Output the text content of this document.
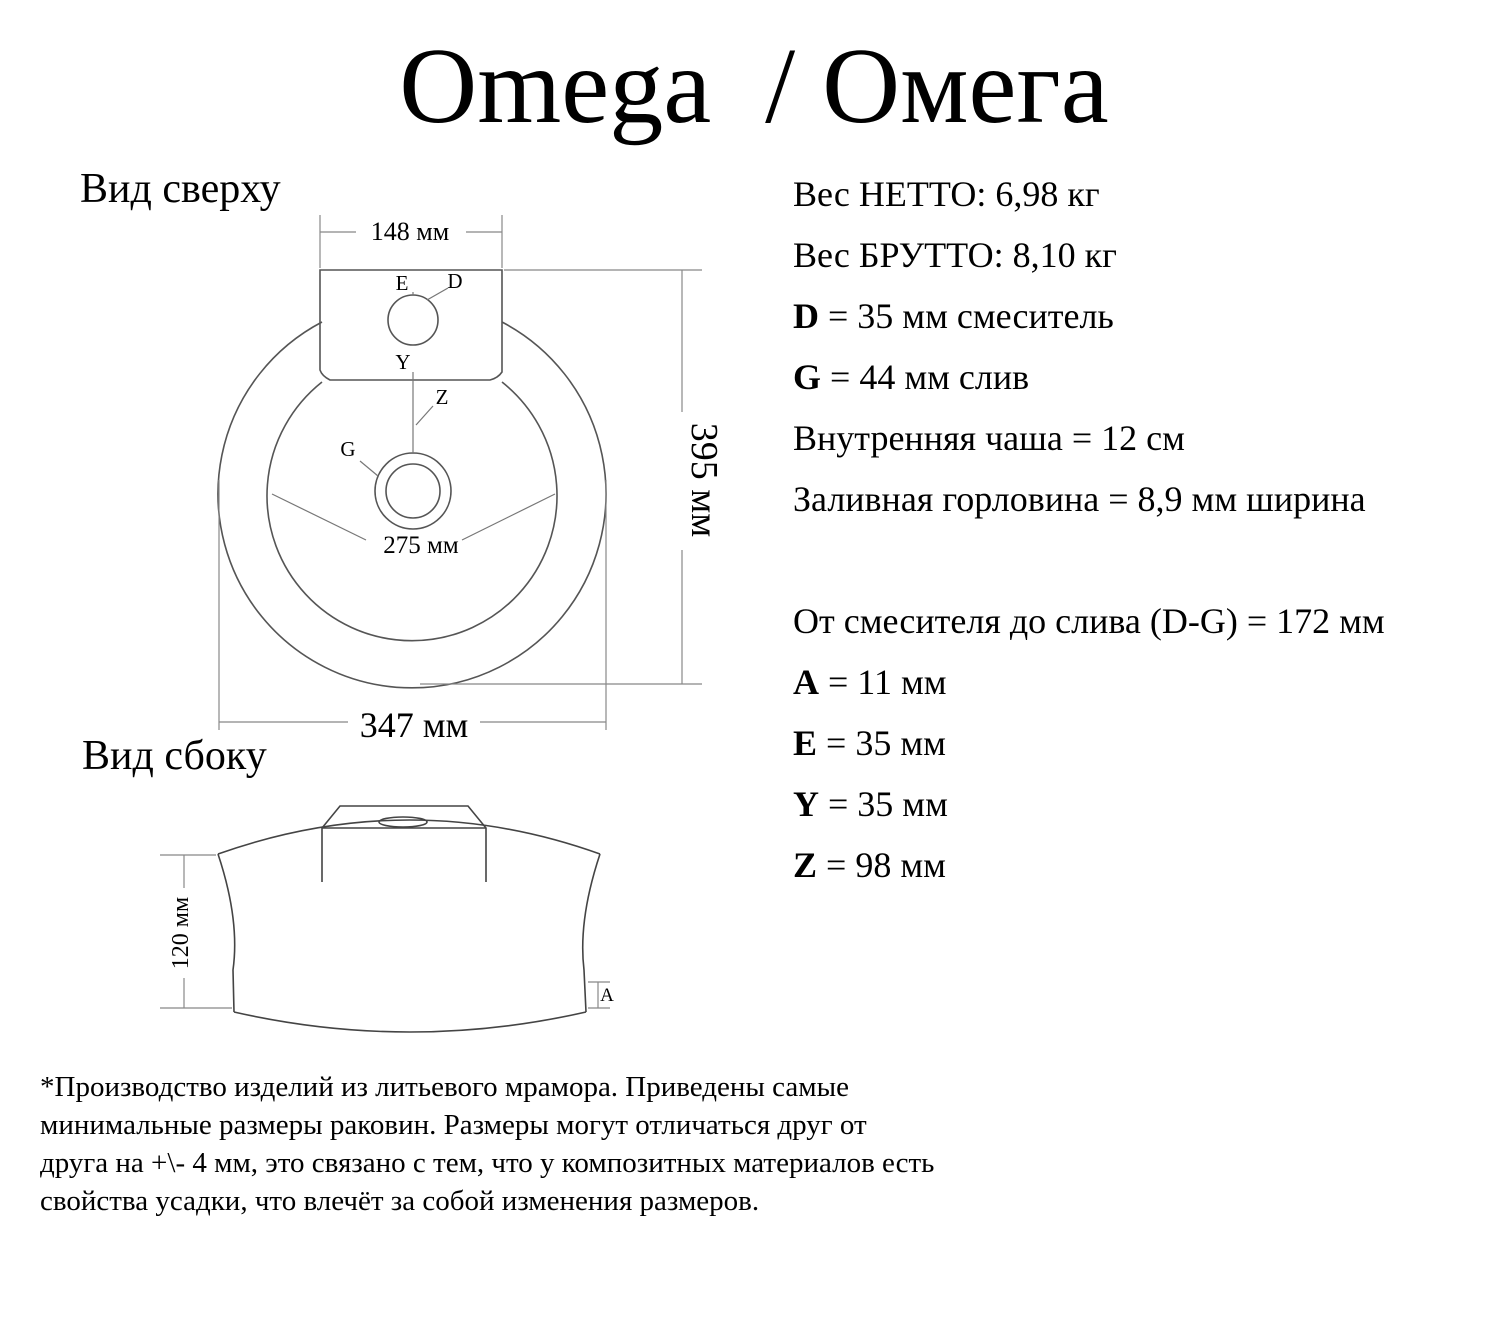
Omega  / Омега
Вид сверху
Вид сбоку
148 мм
E D
Y
Z
G
275 мм
395 мм
347 мм
120 мм
A
Вес НЕТТО: 6,98 кг
Вес БРУТТО: 8,10 кг
D = 35 мм смеситель
G = 44 мм слив
Внутренняя чаша = 12 см
Заливная горловина = 8,9 мм ширина
От смесителя до слива (D-G) = 172 мм
A = 11 мм
E = 35 мм
Y = 35 мм
Z = 98 мм
*Производство изделий из литьевого мрамора. Приведены самые минимальные размеры раковин. Размеры могут отличаться друг от друга на +\- 4 мм, это связано с тем, что у композитных материалов есть свойства усадки, что влечёт за собой изменения размеров.
